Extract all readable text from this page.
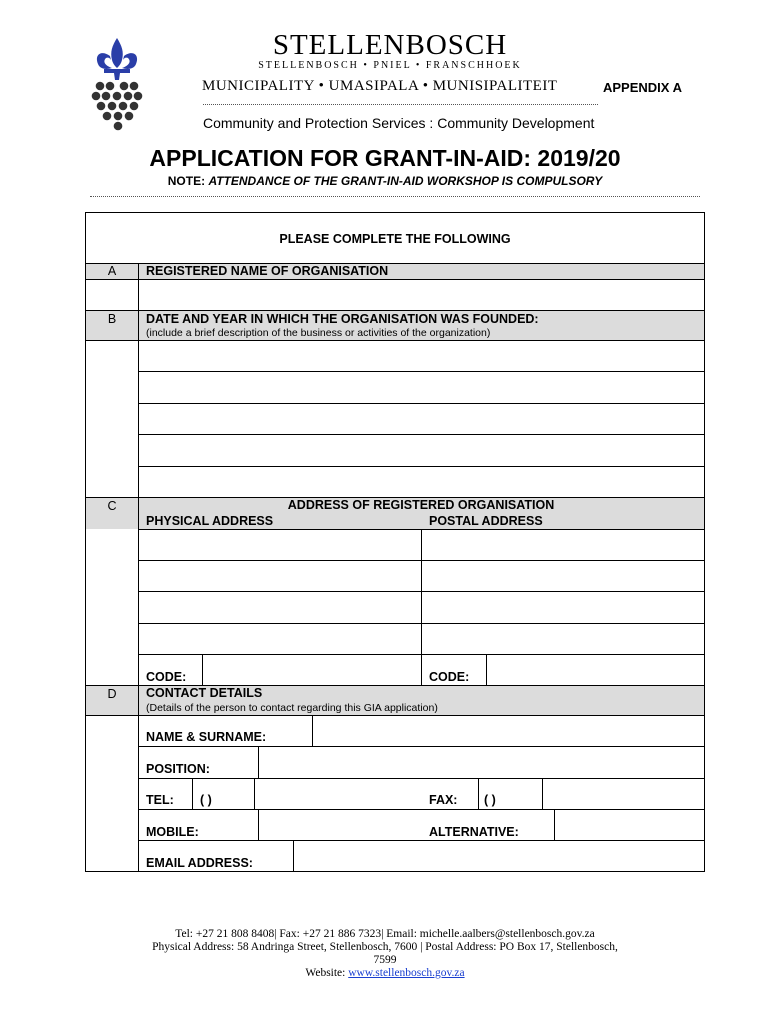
STELLENBOSCH
STELLENBOSCH • PNIEL • FRANSCHHOEK
MUNICIPALITY • UMASIPALA • MUNISIPALITEIT	APPENDIX A
Community and Protection Services : Community Development
APPLICATION FOR GRANT-IN-AID: 2019/20
NOTE: ATTENDANCE OF THE GRANT-IN-AID WORKSHOP IS COMPULSORY
PLEASE COMPLETE THE FOLLOWING
A	REGISTERED NAME OF ORGANISATION
B	DATE AND YEAR IN WHICH THE ORGANISATION WAS FOUNDED:
(include a brief description of the business or activities of the organization)
C	ADDRESS OF REGISTERED ORGANISATION
PHYSICAL ADDRESS	POSTAL ADDRESS
CODE:	CODE:
D	CONTACT DETAILS
(Details of the person to contact regarding this GIA application)
NAME & SURNAME:
POSITION:
TEL: ( )	FAX: ( )
MOBILE:	ALTERNATIVE:
EMAIL ADDRESS:
Tel: +27 21 808 8408| Fax: +27 21 886 7323| Email: michelle.aalbers@stellenbosch.gov.za
Physical Address: 58 Andringa Street, Stellenbosch, 7600 | Postal Address: PO Box 17, Stellenbosch,
7599
Website: www.stellenbosch.gov.za
